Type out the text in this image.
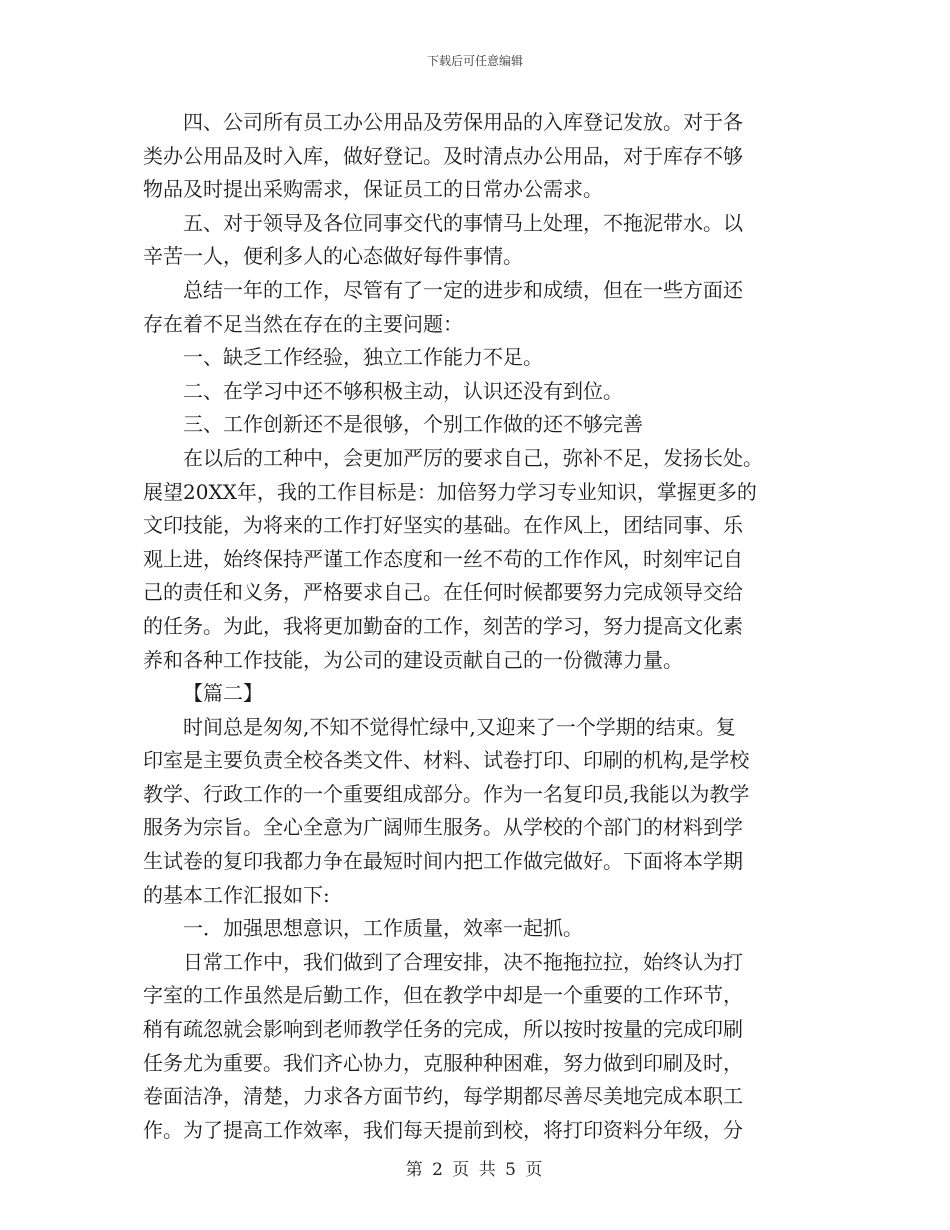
下载后可任意编辑

四、公司所有员工办公用品及劳保用品的入库登记发放。对于各

类办公用品及时入库，做好登记。及时清点办公用品，对于库存不够

物品及时提出采购需求，保证员工的日常办公需求。

五、对于领导及各位同事交代的事情马上处理，不拖泥带水。以

辛苦一人，便利多人的心态做好每件事情。

总结一年的工作，尽管有了一定的进步和成绩，但在一些方面还

存在着不足当然在存在的主要问题：

一、缺乏工作经验，独立工作能力不足。

二、在学习中还不够积极主动，认识还没有到位。

三、工作创新还不是很够，个别工作做的还不够完善

在以后的工种中，会更加严厉的要求自己，弥补不足，发扬长处。

展望20XX年，我的工作目标是：加倍努力学习专业知识，掌握更多的

文印技能，为将来的工作打好坚实的基础。在作风上，团结同事、乐

观上进，始终保持严谨工作态度和一丝不苟的工作作风，时刻牢记自

己的责任和义务，严格要求自己。在任何时候都要努力完成领导交给

的任务。为此，我将更加勤奋的工作，刻苦的学习，努力提高文化素

养和各种工作技能，为公司的建设贡献自己的一份微薄力量。

【篇二】

时间总是匆匆,不知不觉得忙绿中,又迎来了一个学期的结束。复

印室是主要负责全校各类文件、材料、试卷打印、印刷的机构,是学校

教学、行政工作的一个重要组成部分。作为一名复印员,我能以为教学

服务为宗旨。全心全意为广阔师生服务。从学校的个部门的材料到学

生试卷的复印我都力争在最短时间内把工作做完做好。下面将本学期

的基本工作汇报如下:

一．加强思想意识，工作质量，效率一起抓。

日常工作中，我们做到了合理安排，决不拖拖拉拉，始终认为打

字室的工作虽然是后勤工作，但在教学中却是一个重要的工作环节，

稍有疏忽就会影响到老师教学任务的完成，所以按时按量的完成印刷

任务尤为重要。我们齐心协力，克服种种困难，努力做到印刷及时，

卷面洁净，清楚，力求各方面节约，每学期都尽善尽美地完成本职工

作。为了提高工作效率，我们每天提前到校，将打印资料分年级，分

第 2 页 共 5 页
